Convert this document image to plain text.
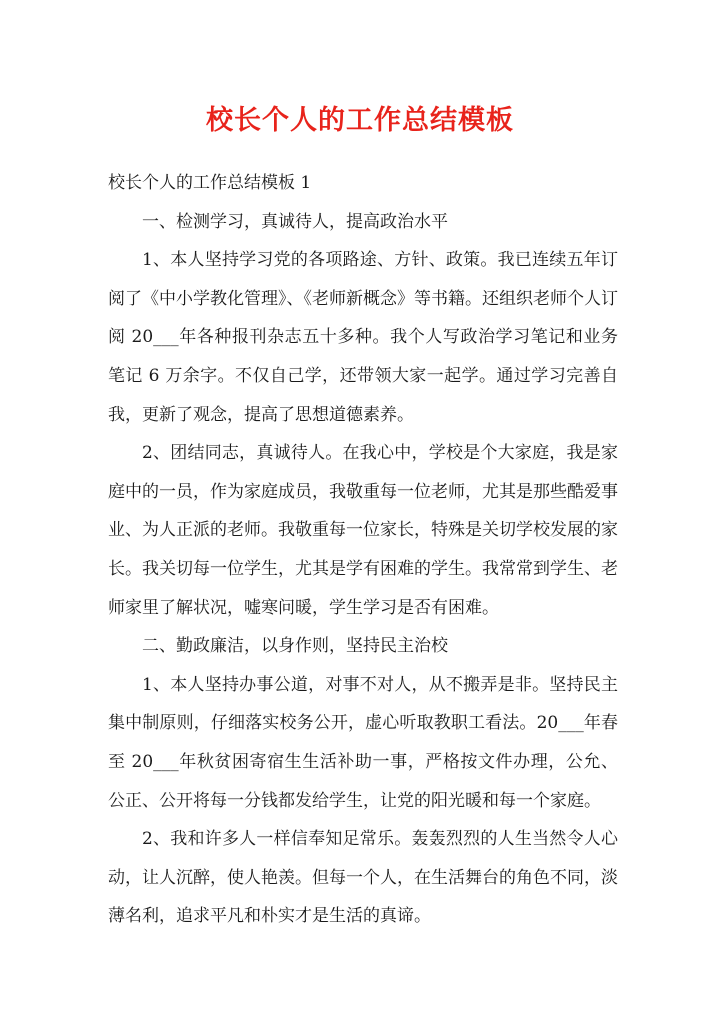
校长个人的工作总结模板

校长个人的工作总结模板 1

一、检测学习，真诚待人，提高政治水平

1、本人坚持学习党的各项路途、方针、政策。我已连续五年订阅了《中小学教化管理》、《老师新概念》等书籍。还组织老师个人订阅 20___年各种报刊杂志五十多种。我个人写政治学习笔记和业务笔记 6 万余字。不仅自己学，还带领大家一起学。通过学习完善自我，更新了观念，提高了思想道德素养。

2、团结同志，真诚待人。在我心中，学校是个大家庭，我是家庭中的一员，作为家庭成员，我敬重每一位老师，尤其是那些酷爱事业、为人正派的老师。我敬重每一位家长，特殊是关切学校发展的家长。我关切每一位学生，尤其是学有困难的学生。我常常到学生、老师家里了解状况，嘘寒问暖，学生学习是否有困难。

二、勤政廉洁，以身作则，坚持民主治校

1、本人坚持办事公道，对事不对人，从不搬弄是非。坚持民主集中制原则，仔细落实校务公开，虚心听取教职工看法。20___年春至 20___年秋贫困寄宿生生活补助一事，严格按文件办理，公允、公正、公开将每一分钱都发给学生，让党的阳光暖和每一个家庭。

2、我和许多人一样信奉知足常乐。轰轰烈烈的人生当然令人心动，让人沉醉，使人艳羡。但每一个人，在生活舞台的角色不同，淡薄名利，追求平凡和朴实才是生活的真谛。
